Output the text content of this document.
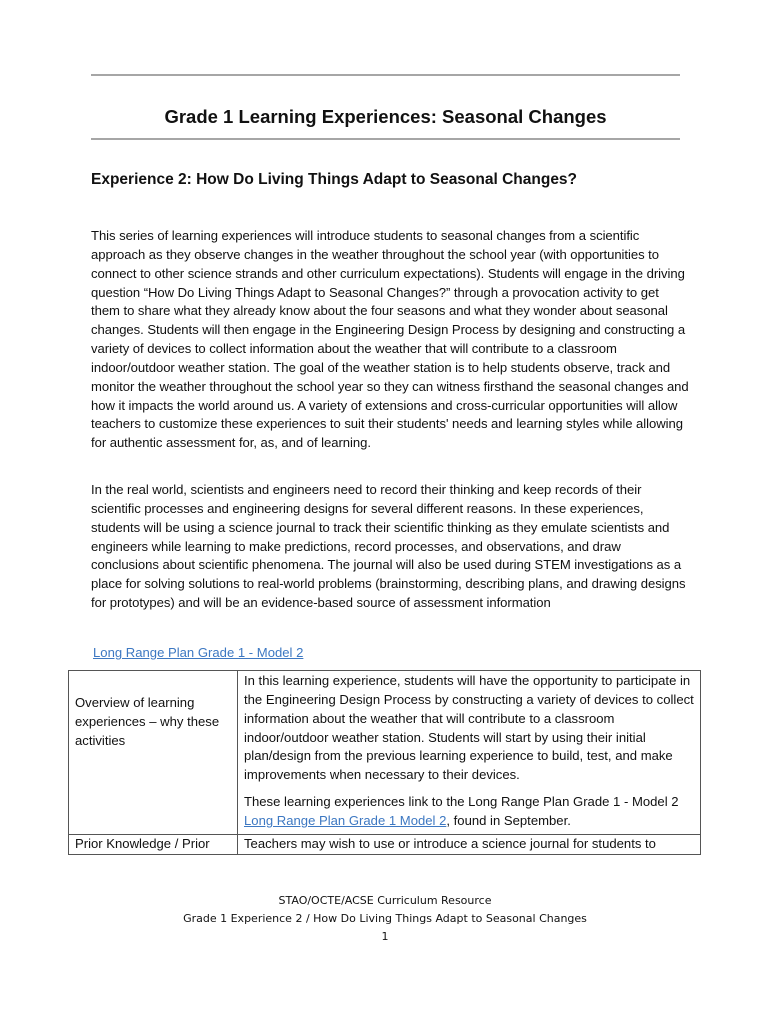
Grade 1 Learning Experiences: Seasonal Changes
Experience 2: How Do Living Things Adapt to Seasonal Changes?

This series of learning experiences will introduce students to seasonal changes from a scientific approach as they observe changes in the weather throughout the school year (with opportunities to connect to other science strands and other curriculum expectations). Students will engage in the driving question “How Do Living Things Adapt to Seasonal Changes?” through a provocation activity to get them to share what they already know about the four seasons and what they wonder about seasonal changes. Students will then engage in the Engineering Design Process by designing and constructing a variety of devices to collect information about the weather that will contribute to a classroom indoor/outdoor weather station. The goal of the weather station is to help students observe, track and monitor the weather throughout the school year so they can witness firsthand the seasonal changes and how it impacts the world around us. A variety of extensions and cross-curricular opportunities will allow teachers to customize these experiences to suit their students' needs and learning styles while allowing for authentic assessment for, as, and of learning.

In the real world, scientists and engineers need to record their thinking and keep records of their scientific processes and engineering designs for several different reasons. In these experiences, students will be using a science journal to track their scientific thinking as they emulate scientists and engineers while learning to make predictions, record processes, and observations, and draw conclusions about scientific phenomena. The journal will also be used during STEM investigations as a place for solving solutions to real-world problems (brainstorming, describing plans, and drawing designs for prototypes) and will be an evidence-based source of assessment information

Long Range Plan Grade 1 - Model 2
Overview of learning experiences – why these activities	In this learning experience, students will have the opportunity to participate in the Engineering Design Process by constructing a variety of devices to collect information about the weather that will contribute to a classroom indoor/outdoor weather station. Students will start by using their initial plan/design from the previous learning experience to build, test, and make improvements when necessary to their devices.

These learning experiences link to the Long Range Plan Grade 1 - Model 2 Long Range Plan Grade 1 Model 2, found in September.

Prior Knowledge / Prior	Teachers may wish to use or introduce a science journal for students to
STAO/OCTE/ACSE Curriculum Resource
Grade 1 Experience 2 / How Do Living Things Adapt to Seasonal Changes
1
